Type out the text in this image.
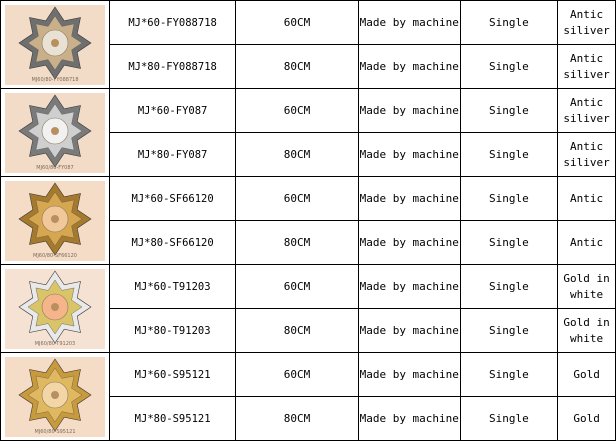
MJ60/80-FY088718	MJ*60-FY088718	60CM	Made by machine	Single	Antic siliver
	MJ*80-FY088718	80CM	Made by machine	Single	Antic siliver

MJ60/80-FY087	MJ*60-FY087	60CM	Made by machine	Single	Antic siliver
	MJ*80-FY087	80CM	Made by machine	Single	Antic siliver

MJ60/80-SF66120	MJ*60-SF66120	60CM	Made by machine	Single	Antic
	MJ*80-SF66120	80CM	Made by machine	Single	Antic

MJ60/80-T91203	MJ*60-T91203	60CM	Made by machine	Single	Gold in white
	MJ*80-T91203	80CM	Made by machine	Single	Gold in white

MJ60/80-S95121	MJ*60-S95121	60CM	Made by machine	Single	Gold
	MJ*80-S95121	80CM	Made by machine	Single	Gold
